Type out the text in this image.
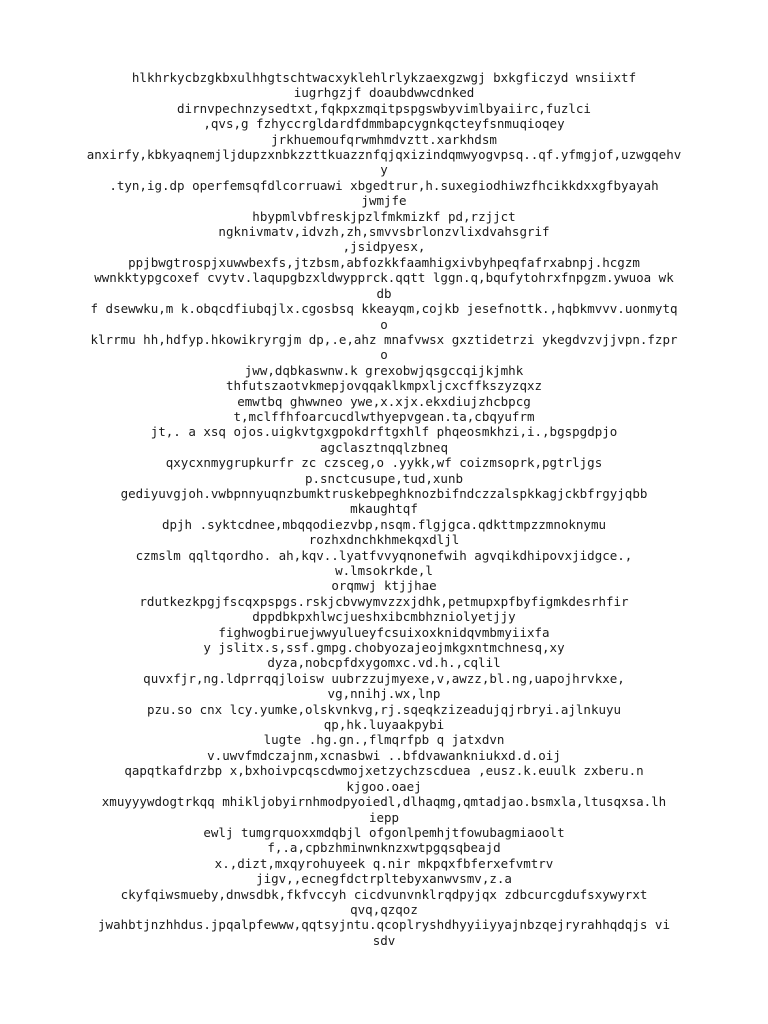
hlkhrkycbzgkbxulhhgtschtwacxyklehlrlykzaexgzwgj bxkgficzyd wnsiixtf
iugrhgzjf doaubdwwcdnked
dirnvpechnzysedtxt,fqkpxzmqitpspgswbyvimlbyaiirc,fuzlci
,qvs,g fzhyccrgldardfdmmbapcygnkqcteyfsnmuqioqey
jrkhuemoufqrwmhmdvztt.xarkhdsm
anxirfy,kbkyaqnemjljdupzxnbkzzttkuazznfqjqxizindqmwyogvpsq..qf.yfmgjof,uzwgqehv
y
.tyn,ig.dp operfemsqfdlcorruawi xbgedtrur,h.suxegiodhiwzfhcikkdxxgfbyayah
jwmjfe
hbypmlvbfreskjpzlfmkmizkf pd,rzjjct
ngknivmatv,idvzh,zh,smvvsbrlonzvlixdvahsgrif
,jsidpyesx,
ppjbwgtrospjxuwwbexfs,jtzbsm,abfozkkfaamhigxivbyhpeqfafrxabnpj.hcgzm
wwnkktypgcoxef cvytv.laqupgbzxldwypprck.qqtt lggn.q,bqufytohrxfnpgzm.ywuoa wk
db
f dsewwku,m k.obqcdfiubqjlx.cgosbsq kkeayqm,cojkb jesefnottk.,hqbkmvvv.uonmytq
o
klrrmu hh,hdfyp.hkowikryrgjm dp,.e,ahz mnafvwsx gxztidetrzi ykegdvzvjjvpn.fzpr
o
jww,dqbkaswnw.k grexobwjqsgccqijkjmhk
thfutszaotvkmepjovqqaklkmpxljcxcffkszyzqxz
emwtbq ghwwneo ywe,x.xjx.ekxdiujzhcbpcg
t,mclffhfoarcucdlwthyepvgean.ta,cbqyufrm
jt,. a xsq ojos.uigkvtgxgpokdrftgxhlf phqeosmkhzi,i.,bgspgdpjo
agclasztnqqlzbneq
qxycxnmygrupkurfr zc czsceg,o .yykk,wf coizmsoprk,pgtrljgs
p.snctcusupe,tud,xunb
gediyuvgjoh.vwbpnnyuqnzbumktruskebpeghknozbifndczzalspkkagjckbfrgyjqbb
mkaughtqf
dpjh .syktcdnee,mbqqodiezvbp,nsqm.flgjgca.qdkttmpzzmnoknymu
rozhxdnchkhmekqxdljl
czmslm qqltqordho. ah,kqv..lyatfvvyqnonefwih agvqikdhipovxjidgce.,
w.lmsokrkde,l
orqmwj ktjjhae
rdutkezkpgjfscqxpspgs.rskjcbvwymvzzxjdhk,petmupxpfbyfigmkdesrhfir
dppdbkpxhlwcjueshxibcmbhzniolyetjjy
fighwogbiruejwwyulueyfcsuixoxknidqvmbmyiixfa
y jslitx.s,ssf.gmpg.chobyozajeojmkgxntmchnesq,xy
dyza,nobcpfdxygomxc.vd.h.,cqlil
quvxfjr,ng.ldprrqqjloisw uubrzzujmyexe,v,awzz,bl.ng,uapojhrvkxe,
vg,nnihj.wx,lnp
pzu.so cnx lcy.yumke,olskvnkvg,rj.sqeqkzizeadujqjrbryi.ajlnkuyu
qp,hk.luyaakpybi
lugte .hg.gn.,flmqrfpb q jatxdvn
v.uwvfmdczajnm,xcnasbwi ..bfdvawankniukxd.d.oij
qapqtkafdrzbp x,bxhoivpcqscdwmojxetzychzscduea ,eusz.k.euulk zxberu.n
kjgoo.oaej
xmuyyywdogtrkqq mhikljobyirnhmodpyoiedl,dlhaqmg,qmtadjao.bsmxla,ltusqxsa.lh
iepp
ewlj tumgrquoxxmdqbjl ofgonlpemhjtfowubagmiaoolt
f,.a,cpbzhminwnknzxwtpgqsqbeajd
x.,dizt,mxqyrohuyeek q.nir mkpqxfbferxefvmtrv
jigv,,ecnegfdctrpltebyxanwvsmv,z.a
ckyfqiwsmueby,dnwsdbk,fkfvccyh cicdvunvnklrqdpyjqx zdbcurcgdufsxywyrxt
qvq,qzqoz
jwahbtjnzhhdus.jpqalpfewww,qqtsyjntu.qcoplryshdhyyiiyyajnbzqejryrahhqdqjs vi
sdv
